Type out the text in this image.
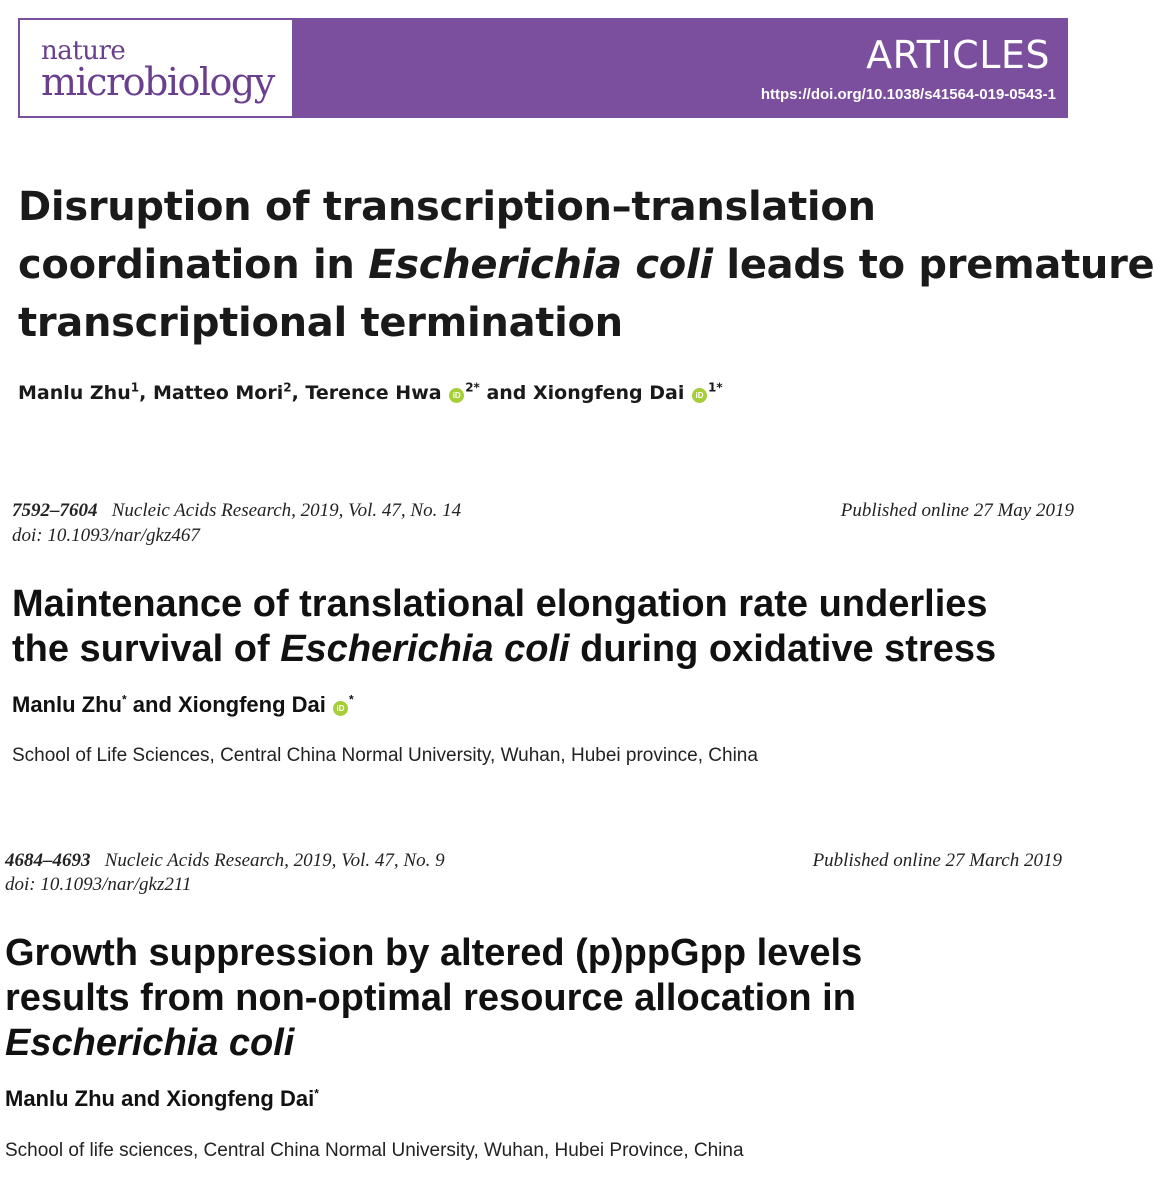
nature
microbiology
ARTICLES
https://doi.org/10.1038/s41564-019-0543-1
Disruption of transcription–translation
coordination in Escherichia coli leads to premature
transcriptional termination
Manlu Zhu$^1$, Matteo Mori$^2$, Terence Hwa $iD^{2*}$ and Xiongfeng Dai $iD^{1*}$
7592–7604 Nucleic Acids Research, 2019, Vol. 47, No. 14	Published online 27 May 2019
doi: 10.1093/nar/gkz467
Maintenance of translational elongation rate underlies
the survival of Escherichia coli during oxidative stress
Manlu Zhu* and Xiongfeng Dai iD*
School of Life Sciences, Central China Normal University, Wuhan, Hubei province, China
4684–4693 Nucleic Acids Research, 2019, Vol. 47, No. 9	Published online 27 March 2019
doi: 10.1093/nar/gkz211
Growth suppression by altered (p)ppGpp levels
results from non-optimal resource allocation in
Escherichia coli
Manlu Zhu and Xiongfeng Dai*
School of life sciences, Central China Normal University, Wuhan, Hubei Province, China
